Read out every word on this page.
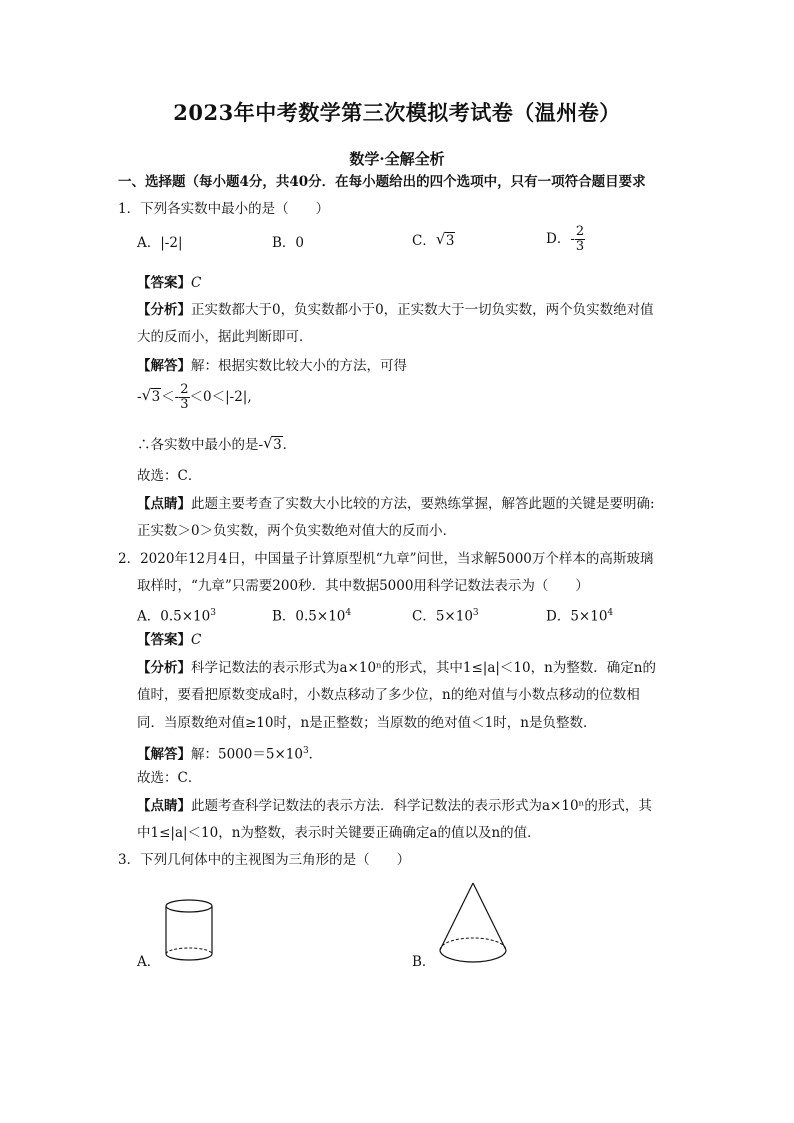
2023年中考数学第三次模拟考试卷（温州卷）
数学·全解全析
一、选择题（每小题4分，共40分．在每小题给出的四个选项中，只有一项符合题目要求
1．下列各实数中最小的是（　　）
A．|-2|	B．0	C． √ 3	D．- $\frac{2}{3}$
【答案】C
【分析】正实数都大于0，负实数都小于0，正实数大于一切负实数，两个负实数绝对值
大的反而小，据此判断即可．
【解答】解：根据实数比较大小的方法，可得
- √ $3<- \frac{2}{3} <0<|-2|$,
∴各实数中最小的是- √ 3．
故选：C．
【点睛】此题主要考查了实数大小比较的方法，要熟练掌握，解答此题的关键是要明确:
正实数＞0＞负实数，两个负实数绝对值大的反而小．
2．2020年12月4日，中国量子计算原型机“九章”问世，当求解5000万个样本的高斯玻璃
取样时，“九章”只需要200秒．其中数据5000用科学记数法表示为（　　）
A．$0.5\times 10^3$	B．$0.5\times 10^4$	C．$5\times 10^3$	D．$5\times 10^4$
【答案】C
【分析】科学记数法的表示形式为a×10ⁿ的形式，其中1≤|a|＜10，n为整数．确定n的
值时，要看把原数变成a时，小数点移动了多少位，n的绝对值与小数点移动的位数相
同．当原数绝对值≥10时，n是正整数；当原数的绝对值＜1时，n是负整数．
【解答】解：$5000=5\times 10^3$．
故选：C．
【点睛】此题考查科学记数法的表示方法．科学记数法的表示形式为a×10ⁿ的形式，其
中1≤|a|＜10，n为整数，表示时关键要正确确定a的值以及n的值．
3．下列几何体中的主视图为三角形的是（　　）
A．	B．
